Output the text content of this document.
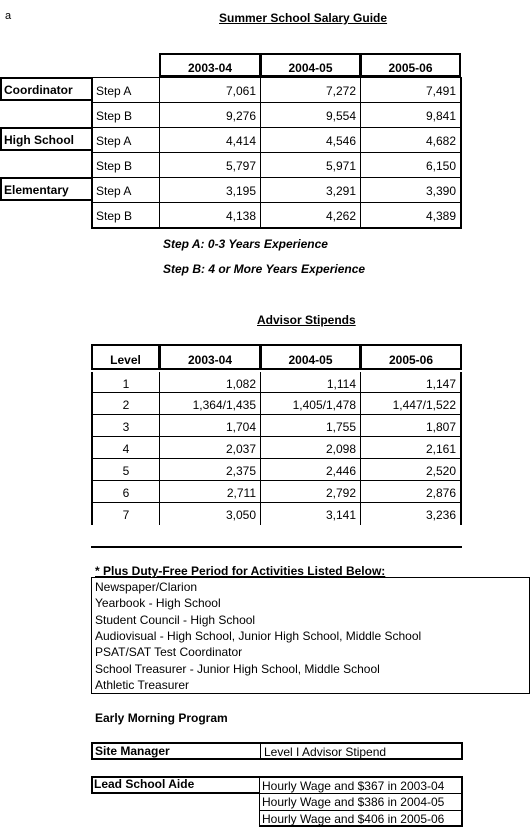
a	Summer School Salary Guide
2003-04	2004-05	2005-06
Coordinator	Step A	7,061	7,272	7,491
Step B	9,276	9,554	9,841
High School	Step A	4,414	4,546	4,682
Step B	5,797	5,971	6,150
Elementary	Step A	3,195	3,291	3,390
Step B	4,138	4,262	4,389
Step A: 0-3 Years Experience
Step B: 4 or More Years Experience
Advisor Stipends
Level	2003-04	2004-05	2005-06
1	1,082	1,114	1,147
2	1,364/1,435	1,405/1,478	1,447/1,522
3	1,704	1,755	1,807
4	2,037	2,098	2,161
5	2,375	2,446	2,520
6	2,711	2,792	2,876
7	3,050	3,141	3,236
* Plus Duty-Free Period for Activities Listed Below:
Newspaper/Clarion
Yearbook - High School
Student Council - High School
Audiovisual - High School, Junior High School, Middle School
PSAT/SAT Test Coordinator
School Treasurer - Junior High School, Middle School
Athletic Treasurer
Early Morning Program
Site Manager	Level I Advisor Stipend
Lead School Aide	Hourly Wage and $367 in 2003-04
Hourly Wage and $386 in 2004-05
Hourly Wage and $406 in 2005-06
